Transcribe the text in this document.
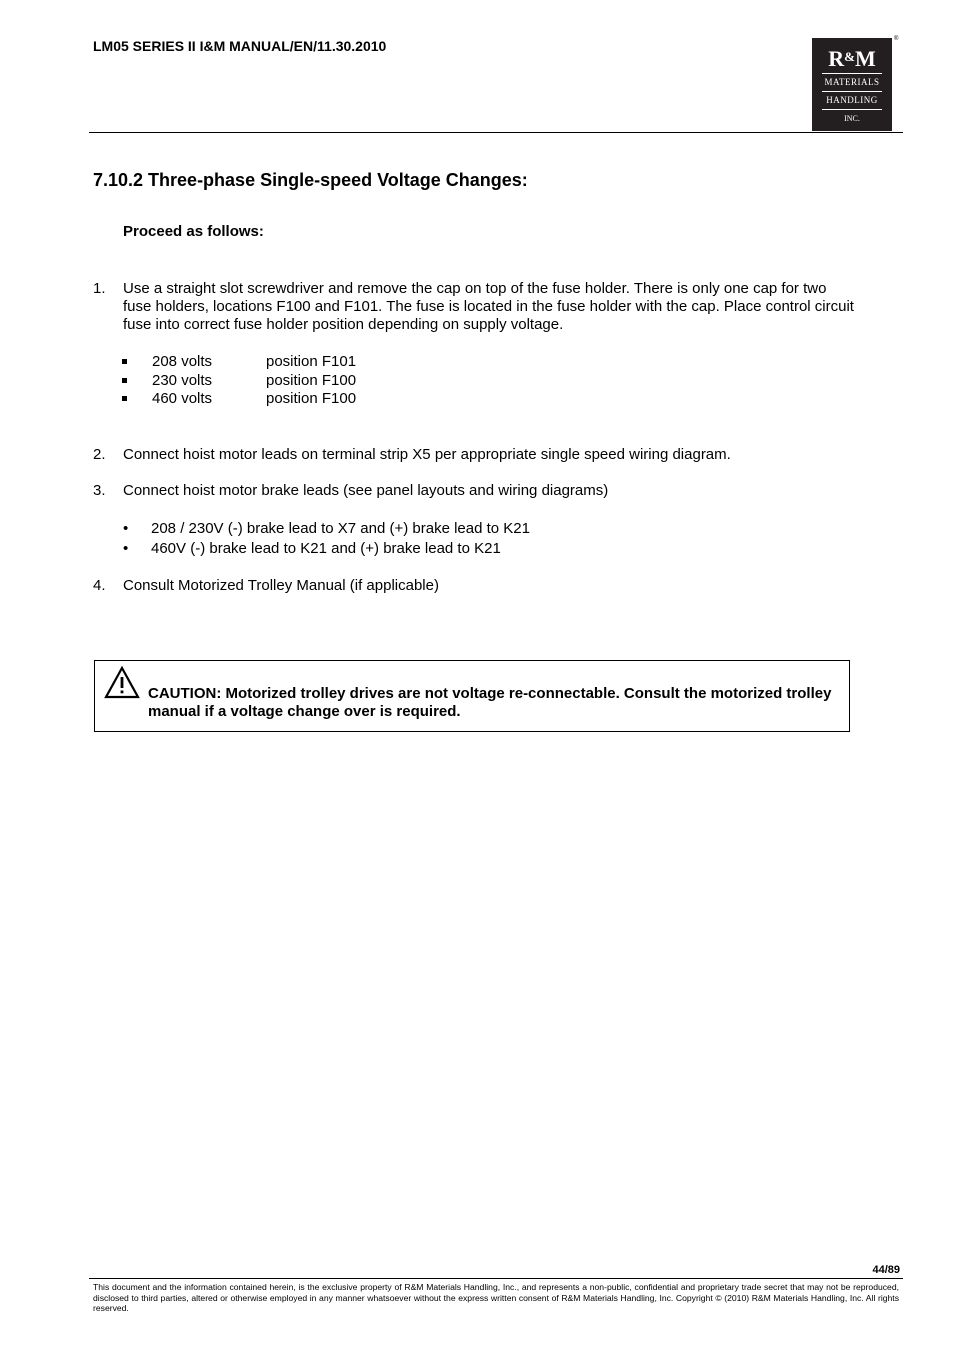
LM05 SERIES II I&M MANUAL/EN/11.30.2010	R&M
MATERIALS
HANDLING
INC.
®
7.10.2 Three-phase Single-speed Voltage Changes:
Proceed as follows:
1. Use a straight slot screwdriver and remove the cap on top of the fuse holder. There is only one cap for two fuse holders, locations F100 and F101. The fuse is located in the fuse holder with the cap. Place control circuit fuse into correct fuse holder position depending on supply voltage.
208 volts	position F101
230 volts	position F100
460 volts	position F100
2. Connect hoist motor leads on terminal strip X5 per appropriate single speed wiring diagram.
3. Connect hoist motor brake leads (see panel layouts and wiring diagrams)
• 208 / 230V (-) brake lead to X7 and (+) brake lead to K21
• 460V (-) brake lead to K21 and (+) brake lead to K21
4. Consult Motorized Trolley Manual (if applicable)
CAUTION: Motorized trolley drives are not voltage re-connectable. Consult the motorized trolley manual if a voltage change over is required.
44/89
This document and the information contained herein, is the exclusive property of R&M Materials Handling, Inc., and represents a non-public, confidential and proprietary trade secret that may not be reproduced, disclosed to third parties, altered or otherwise employed in any manner whatsoever without the express written consent of R&M Materials Handling, Inc. Copyright © (2010) R&M Materials Handling, Inc. All rights reserved.
